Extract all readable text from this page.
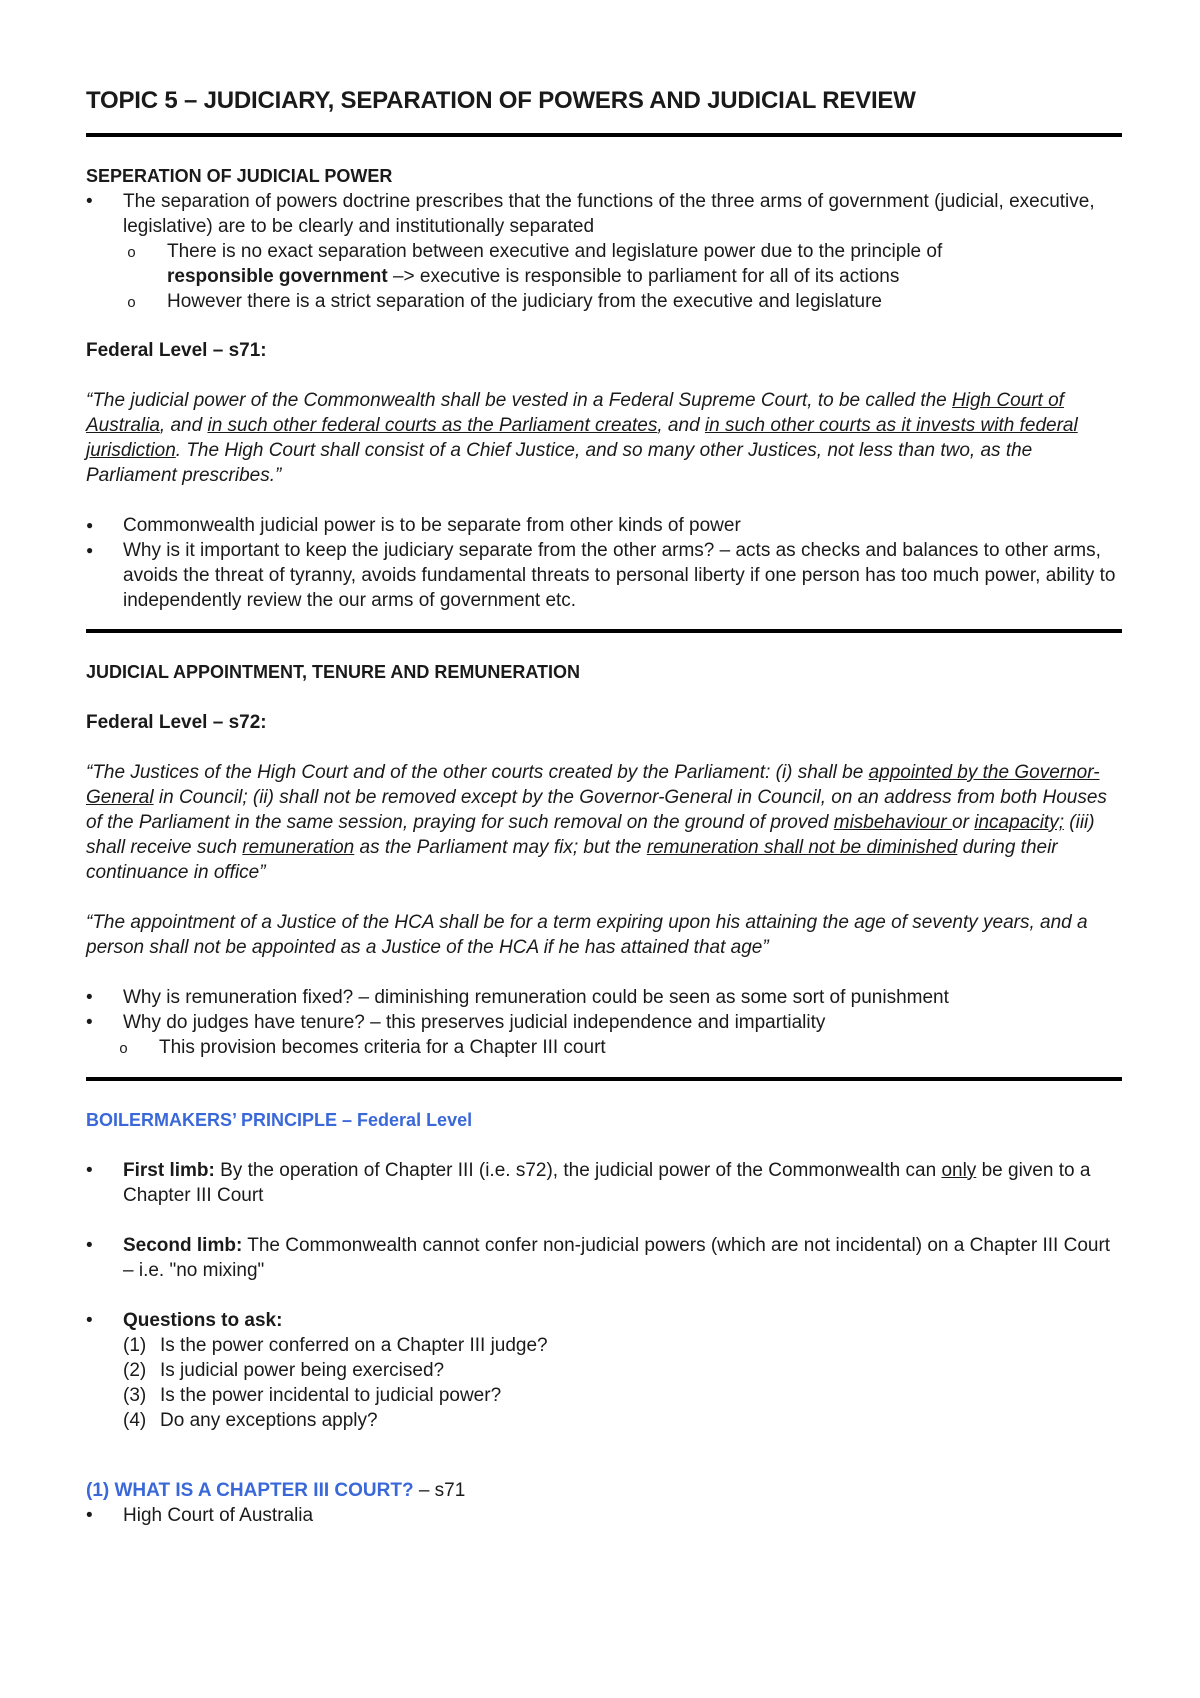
TOPIC 5 – JUDICIARY, SEPARATION OF POWERS AND JUDICIAL REVIEW

SEPERATION OF JUDICIAL POWER

• The separation of powers doctrine prescribes that the functions of the three arms of government (judicial, executive, legislative) are to be clearly and institutionally separated
o There is no exact separation between executive and legislature power due to the principle of
responsible government –> executive is responsible to parliament for all of its actions
o However there is a strict separation of the judiciary from the executive and legislature

Federal Level – s71:

“The judicial power of the Commonwealth shall be vested in a Federal Supreme Court, to be called the High Court of Australia, and in such other federal courts as the Parliament creates, and in such other courts as it invests with federal jurisdiction. The High Court shall consist of a Chief Justice, and so many other Justices, not less than two, as the Parliament prescribes.”

● Commonwealth judicial power is to be separate from other kinds of power
● Why is it important to keep the judiciary separate from the other arms? – acts as checks and balances to other arms, avoids the threat of tyranny, avoids fundamental threats to personal liberty if one person has too much power, ability to independently review the our arms of government etc.

JUDICIAL APPOINTMENT, TENURE AND REMUNERATION

Federal Level – s72:

“The Justices of the High Court and of the other courts created by the Parliament: (i) shall be appointed by the Governor-General in Council; (ii) shall not be removed except by the Governor-General in Council, on an address from both Houses of the Parliament in the same session, praying for such removal on the ground of proved misbehaviour or incapacity; (iii) shall receive such remuneration as the Parliament may fix; but the remuneration shall not be diminished during their continuance in office”

“The appointment of a Justice of the HCA shall be for a term expiring upon his attaining the age of seventy years, and a person shall not be appointed as a Justice of the HCA if he has attained that age”

• Why is remuneration fixed? – diminishing remuneration could be seen as some sort of punishment
• Why do judges have tenure? – this preserves judicial independence and impartiality
o This provision becomes criteria for a Chapter III court

BOILERMAKERS’ PRINCIPLE – Federal Level

• First limb: By the operation of Chapter III (i.e. s72), the judicial power of the Commonwealth can only be given to a Chapter III Court
• Second limb: The Commonwealth cannot confer non-judicial powers (which are not incidental) on a Chapter III Court – i.e. "no mixing"
• Questions to ask:
(1) Is the power conferred on a Chapter III judge?
(2) Is judicial power being exercised?
(3) Is the power incidental to judicial power?
(4) Do any exceptions apply?

(1) WHAT IS A CHAPTER III COURT? – s71

• High Court of Australia
